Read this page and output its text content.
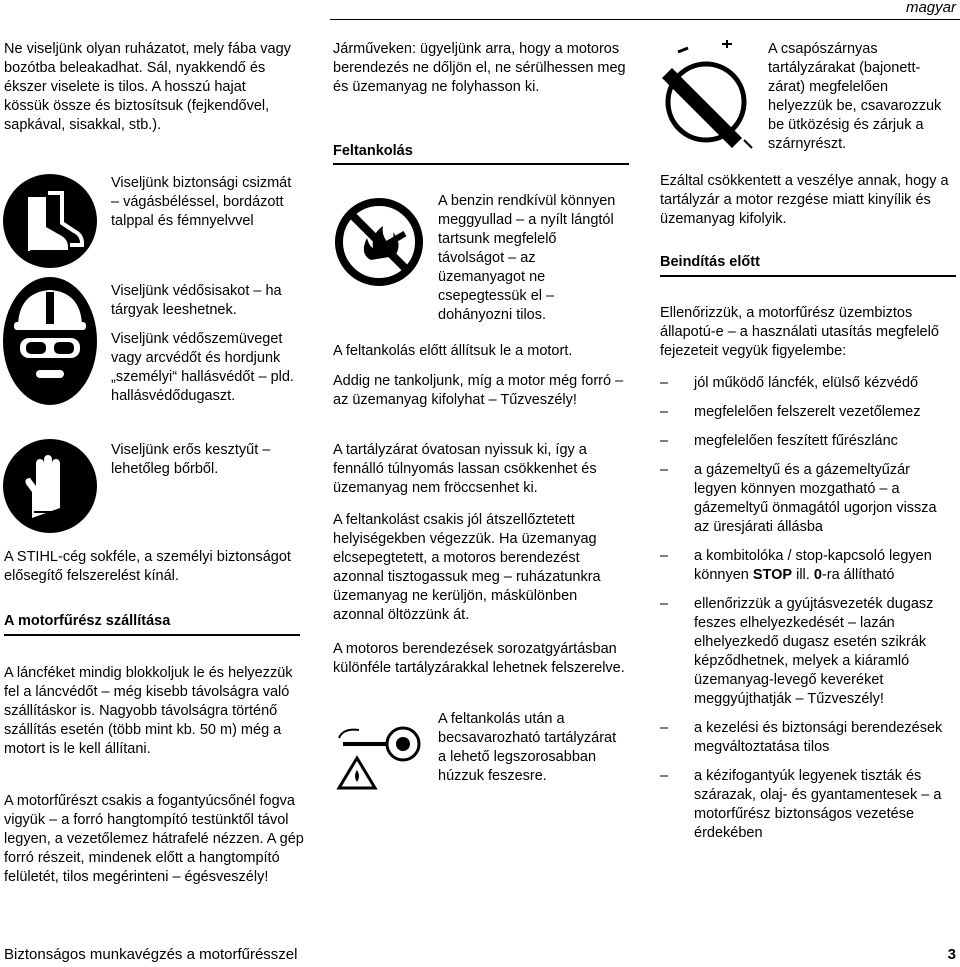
magyar

Ne viseljünk olyan ruházatot, mely fába vagy bozótba beleakadhat. Sál, nyakkendő és ékszer viselete is tilos. A hosszú hajat kössük össze és biztosítsuk (fejkendővel, sapkával, sisakkal, stb.).

Viseljünk biztonsági csizmát – vágásbéléssel, bordázott talppal és fémnyelvvel

Viseljünk védősisakot – ha tárgyak leeshetnek.

Viseljünk védőszemüveget vagy arcvédőt és hordjunk „személyi“ hallásvédőt – pld. hallásvédődugaszt.

Viseljünk erős kesztyűt – lehetőleg bőrből.

A STIHL-cég sokféle, a személyi biztonságot elősegítő felszerelést kínál.

A motorfűrész szállítása

A láncféket mindig blokkoljuk le és helyezzük fel a láncvédőt – még kisebb távolságra való szállításkor is. Nagyobb távolságra történő szállítás esetén (több mint kb. 50 m) még a motort is le kell állítani.

A motorfűrészt csakis a fogantyúcsőnél fogva vigyük – a forró hangtompító testünktől távol legyen, a vezetőlemez hátrafelé nézzen. A gép forró részeit, mindenek előtt a hangtompító felületét, tilos megérinteni – égésveszély!

Járműveken: ügyeljünk arra, hogy a motoros berendezés ne dőljön el, ne sérülhessen meg és üzemanyag ne folyhasson ki.

Feltankolás

A benzin rendkívül könnyen meggyullad – a nyílt lángtól tartsunk megfelelő távolságot – az üzemanyagot ne csepegtessük el – dohányozni tilos.

A feltankolás előtt állítsuk le a motort.

Addig ne tankoljunk, míg a motor még forró – az üzemanyag kifolyhat – Tűzveszély!

A tartályzárat óvatosan nyissuk ki, így a fennálló túlnyomás lassan csökkenhet és üzemanyag nem fröccsenhet ki.

A feltankolást csakis jól átszellőztetett helyiségekben végezzük. Ha üzemanyag elcsepegtetett, a motoros berendezést azonnal tisztogassuk meg – ruházatunkra üzemanyag ne kerüljön, máskülönben azonnal öltözzünk át.

A motoros berendezések sorozatgyártásban különféle tartályzárakkal lehetnek felszerelve.

A feltankolás után a becsavarozható tartályzárat a lehető legszorosabban húzzuk feszesre.

A csapószárnyas tartályzárakat (bajonett-zárat) megfelelően helyezzük be, csavarozzuk be ütközésig és zárjuk a szárnyrészt.

Ezáltal csökkentett a veszélye annak, hogy a tartályzár a motor rezgése miatt kinyílik és üzemanyag kifolyik.

Beindítás előtt

Ellenőrizzük, a motorfűrész üzembiztos állapotú-e – a használati utasítás megfelelő fejezeteit vegyük figyelembe:

– jól működő láncfék, elülső kézvédő
– megfelelően felszerelt vezetőlemez
– megfelelően feszített fűrészlánc
– a gázemeltyű és a gázemeltyűzár legyen könnyen mozgatható – a gázemeltyű önmagától ugorjon vissza az üresjárati állásba
– a kombitolóka / stop-kapcsoló legyen könnyen STOP ill. 0-ra állítható
– ellenőrizzük a gyújtásvezeték dugasz feszes elhelyezkedését – lazán elhelyezkedő dugasz esetén szikrák képződhetnek, melyek a kiáramló üzemanyag-levegő keveréket meggyújthatják – Tűzveszély!
– a kezelési és biztonsági berendezések megváltoztatása tilos
– a kézifogantyúk legyenek tiszták és szárazak, olaj- és gyantamentesek – a motorfűrész biztonságos vezetése érdekében
Biztonságos munkavégzés a motorfűrésszel	3
